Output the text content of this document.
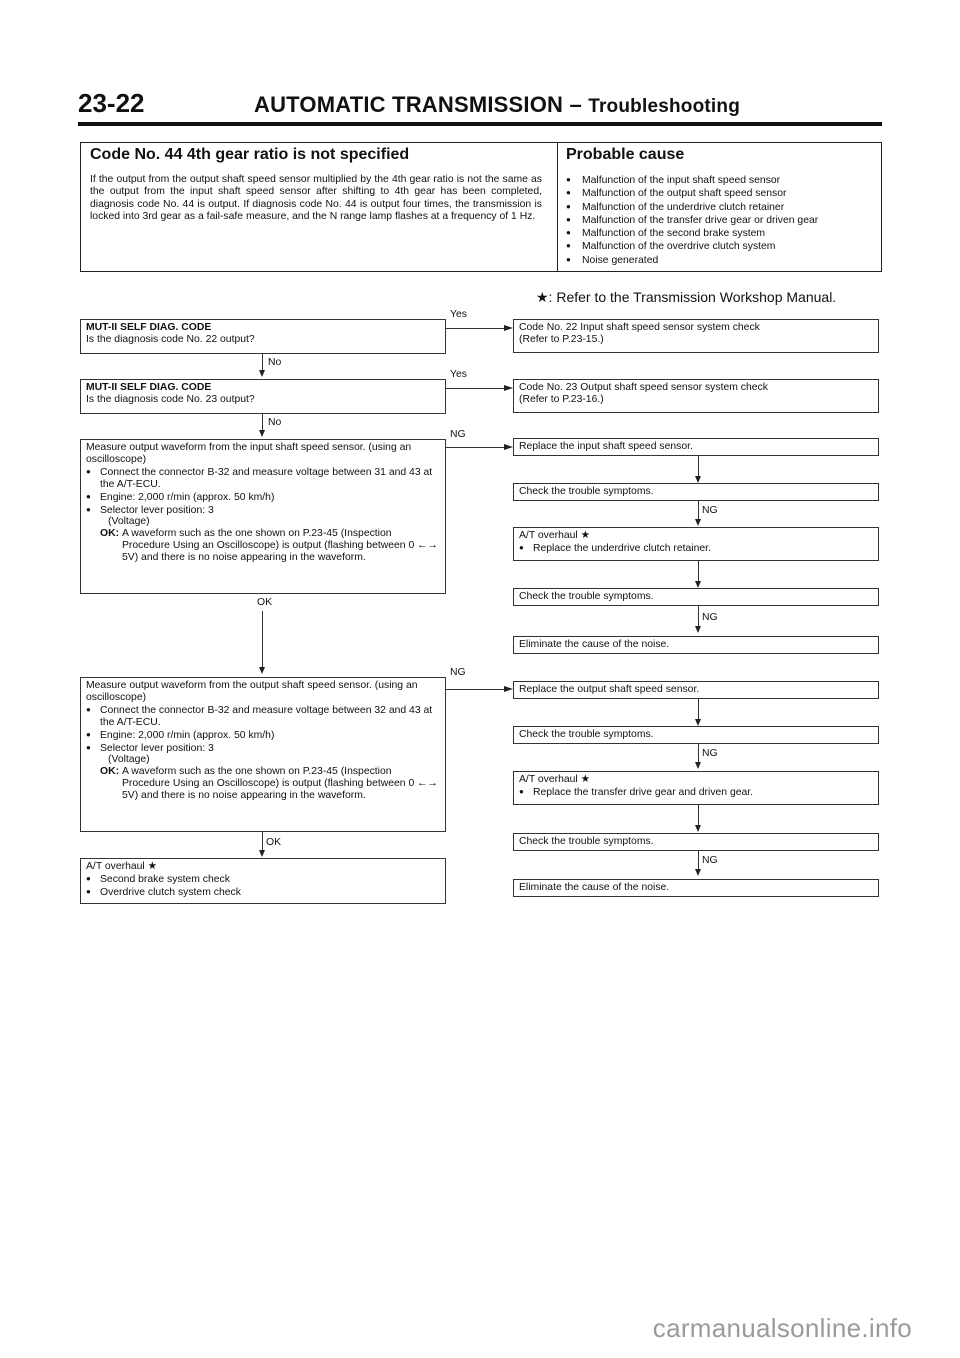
23-22	AUTOMATIC TRANSMISSION – Troubleshooting
Code No. 44 4th gear ratio is not specified	Probable cause
If the output from the output shaft speed sensor multiplied by the 4th gear ratio is not the same as the output from the input shaft speed sensor after shifting to 4th gear has been completed, diagnosis code No. 44 is output. If diagnosis code No. 44 is output four times, the transmission is locked into 3rd gear as a fail-safe measure, and the N range lamp flashes at a frequency of 1 Hz.
● Malfunction of the input shaft speed sensor
● Malfunction of the output shaft speed sensor
● Malfunction of the underdrive clutch retainer
● Malfunction of the transfer drive gear or driven gear
● Malfunction of the second brake system
● Malfunction of the overdrive clutch system
● Noise generated
★: Refer to the Transmission Workshop Manual.
MUT-II SELF DIAG. CODE
Is the diagnosis code No. 22 output?
Yes
Code No. 22 Input shaft speed sensor system check
(Refer to P.23-15.)
No
MUT-II SELF DIAG. CODE
Is the diagnosis code No. 23 output?
Yes
Code No. 23 Output shaft speed sensor system check
(Refer to P.23-16.)
No
Measure output waveform from the input shaft speed sensor. (using an oscilloscope)
● Connect the connector B-32 and measure voltage between 31 and 43 at the A/T-ECU.
● Engine: 2,000 r/min (approx. 50 km/h)
● Selector lever position: 3
(Voltage)
OK: A waveform such as the one shown on P.23-45 (Inspection Procedure Using an Oscilloscope) is output (flashing between 0 ←→ 5V) and there is no noise appearing in the waveform.
NG
OK
Replace the input shaft speed sensor.
Check the trouble symptoms.
NG
A/T overhaul ★
● Replace the underdrive clutch retainer.
Check the trouble symptoms.
NG
Eliminate the cause of the noise.
Measure output waveform from the output shaft speed sensor. (using an oscilloscope)
● Connect the connector B-32 and measure voltage between 32 and 43 at the A/T-ECU.
● Engine: 2,000 r/min (approx. 50 km/h)
● Selector lever position: 3
(Voltage)
OK: A waveform such as the one shown on P.23-45 (Inspection Procedure Using an Oscilloscope) is output (flashing between 0 ←→ 5V) and there is no noise appearing in the waveform.
NG
OK
Replace the output shaft speed sensor.
Check the trouble symptoms.
NG
A/T overhaul ★
● Replace the transfer drive gear and driven gear.
Check the trouble symptoms.
NG
Eliminate the cause of the noise.
A/T overhaul ★
● Second brake system check
● Overdrive clutch system check
carmanualsonline.info
